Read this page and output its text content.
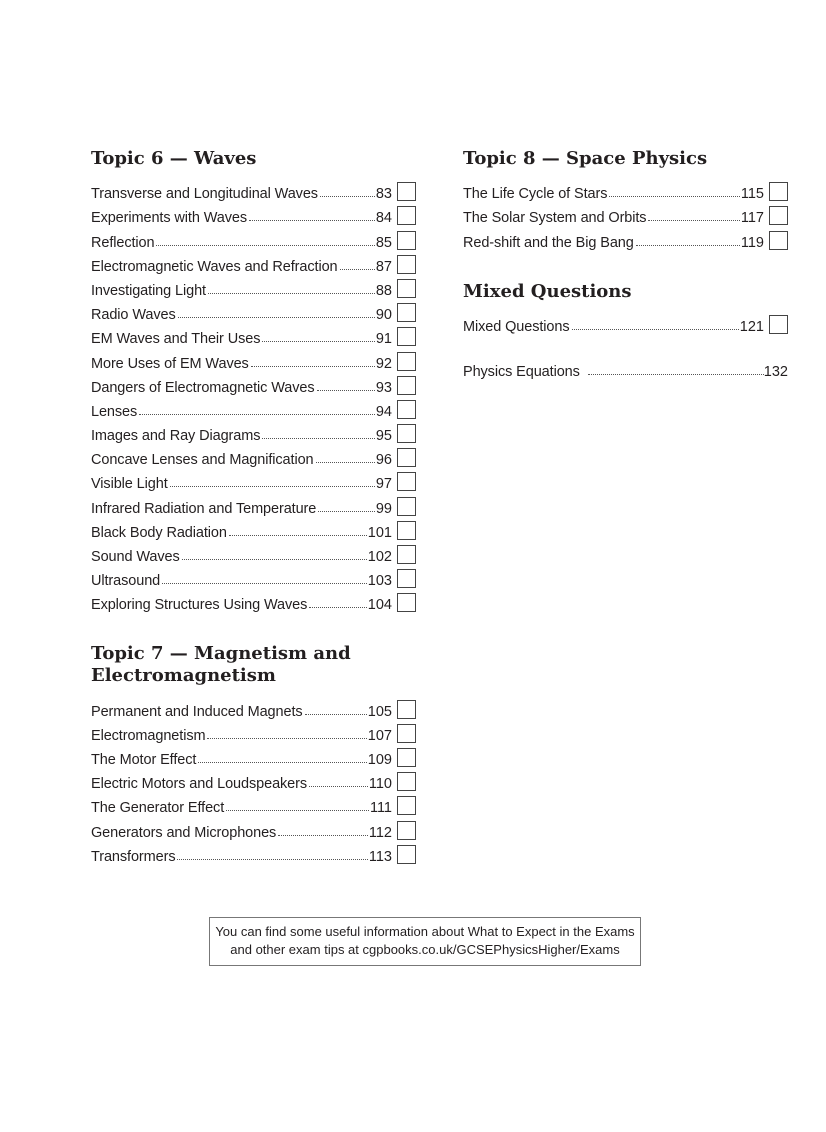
Topic 6 — Waves
Transverse and Longitudinal Waves	83
Experiments with Waves	84
Reflection	85
Electromagnetic Waves and Refraction	87
Investigating Light	88
Radio Waves	90
EM Waves and Their Uses	91
More Uses of EM Waves	92
Dangers of Electromagnetic Waves	93
Lenses	94
Images and Ray Diagrams	95
Concave Lenses and Magnification	96
Visible Light	97
Infrared Radiation and Temperature	99
Black Body Radiation	101
Sound Waves	102
Ultrasound	103
Exploring Structures Using Waves	104
Topic 7 — Magnetism and
Electromagnetism
Permanent and Induced Magnets	105
Electromagnetism	107
The Motor Effect	109
Electric Motors and Loudspeakers	110
The Generator Effect	111
Generators and Microphones	112
Transformers	113
Topic 8 — Space Physics
The Life Cycle of Stars	115
The Solar System and Orbits	117
Red-shift and the Big Bang	119
Mixed Questions
Mixed Questions	121
Physics Equations	132
You can find some useful information about What to Expect in the Exams
and other exam tips at cgpbooks.co.uk/GCSEPhysicsHigher/Exams
